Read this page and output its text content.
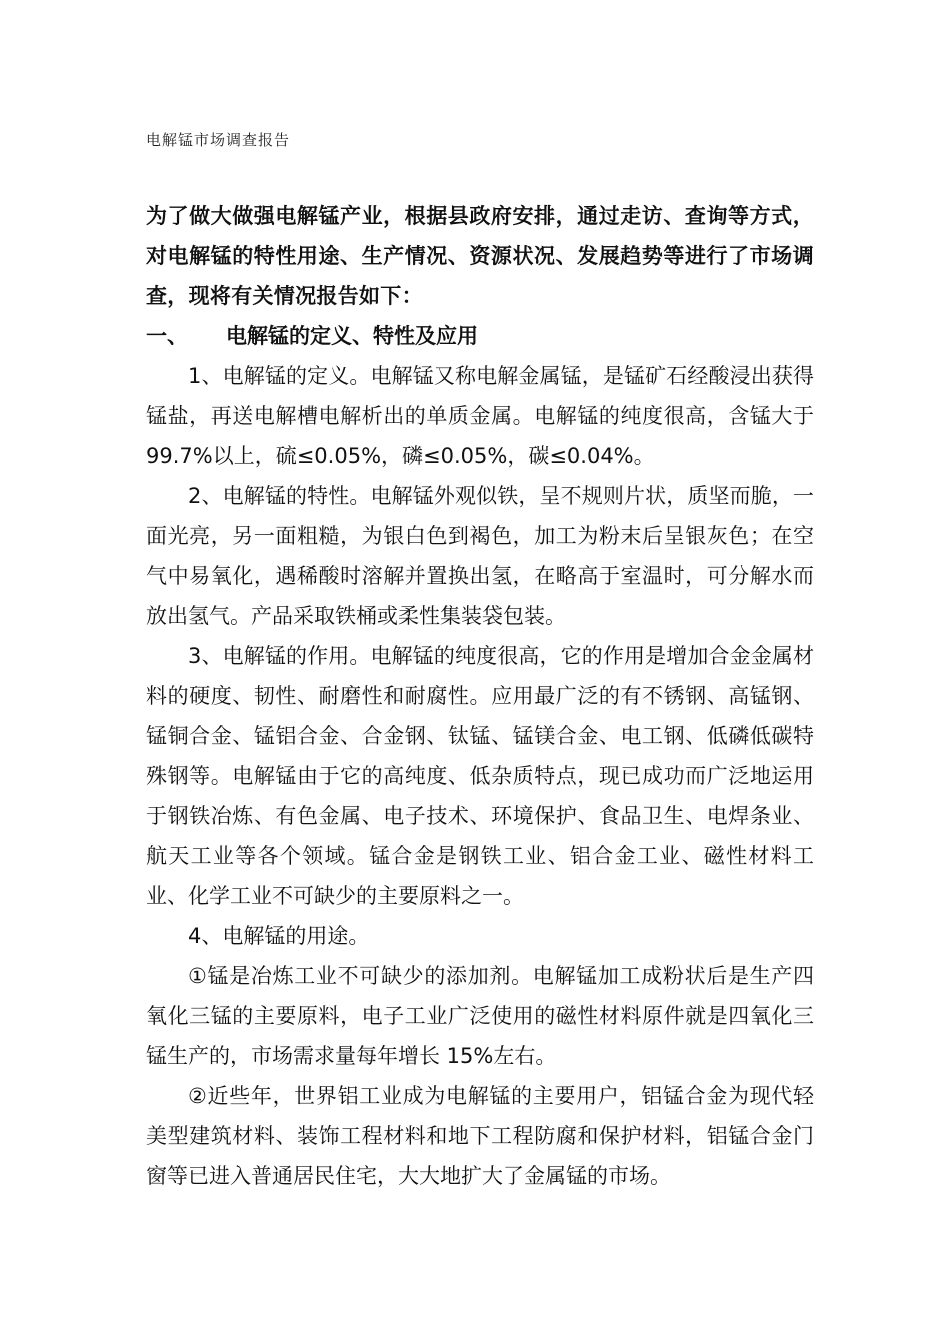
电解锰市场调查报告

为了做大做强电解锰产业，根据县政府安排，通过走访、查询等方式，对电解锰的特性用途、生产情况、资源状况、发展趋势等进行了市场调查，现将有关情况报告如下：

一、	电解锰的定义、特性及应用

1、电解锰的定义。电解锰又称电解金属锰，是锰矿石经酸浸出获得锰盐，再送电解槽电解析出的单质金属。电解锰的纯度很高，含锰大于 99.7%以上，硫≤0.05%，磷≤0.05%，碳≤0.04%。

2、电解锰的特性。电解锰外观似铁，呈不规则片状，质坚而脆，一面光亮，另一面粗糙，为银白色到褐色，加工为粉末后呈银灰色；在空气中易氧化，遇稀酸时溶解并置换出氢，在略高于室温时，可分解水而放出氢气。产品采取铁桶或柔性集装袋包装。

3、电解锰的作用。电解锰的纯度很高，它的作用是增加合金金属材料的硬度、韧性、耐磨性和耐腐性。应用最广泛的有不锈钢、高锰钢、锰铜合金、锰铝合金、合金钢、钛锰、锰镁合金、电工钢、低磷低碳特殊钢等。电解锰由于它的高纯度、低杂质特点，现已成功而广泛地运用于钢铁冶炼、有色金属、电子技术、环境保护、食品卫生、电焊条业、航天工业等各个领域。锰合金是钢铁工业、铝合金工业、磁性材料工业、化学工业不可缺少的主要原料之一。

4、电解锰的用途。

①锰是冶炼工业不可缺少的添加剂。电解锰加工成粉状后是生产四氧化三锰的主要原料，电子工业广泛使用的磁性材料原件就是四氧化三锰生产的，市场需求量每年增长 15%左右。

②近些年，世界铝工业成为电解锰的主要用户，铝锰合金为现代轻美型建筑材料、装饰工程材料和地下工程防腐和保护材料，铝锰合金门窗等已进入普通居民住宅，大大地扩大了金属锰的市场。
